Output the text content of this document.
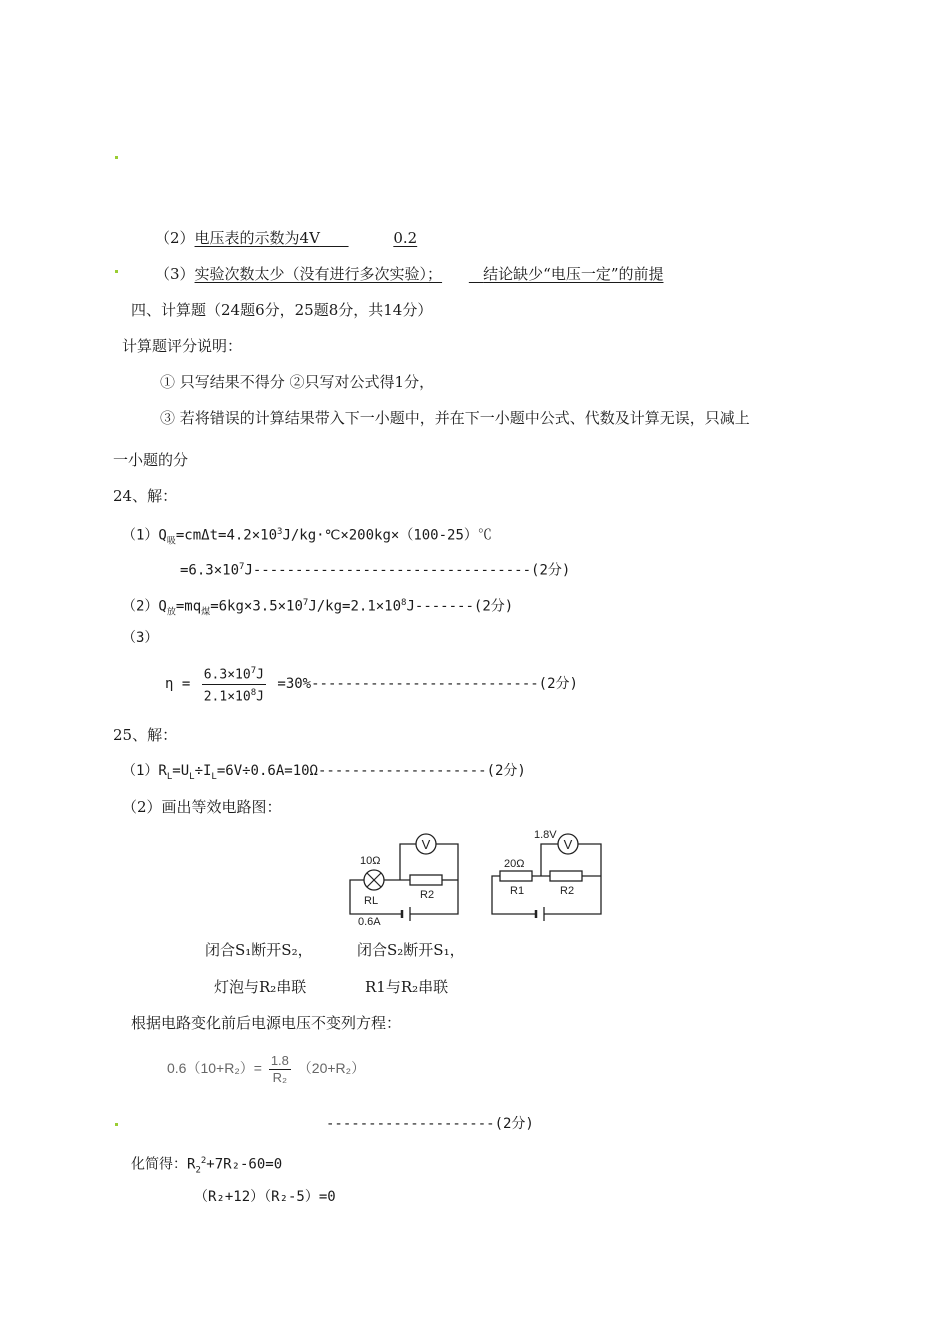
（2）电压表的示数为4V	0.2
（3）实验次数太少（没有进行多次实验）；	结论缺少“电压一定”的前提
四、计算题（24题6分，25题8分，共14分）
计算题评分说明：
① 只写结果不得分 ②只写对公式得1分，
③ 若将错误的计算结果带入下一小题中，并在下一小题中公式、代数及计算无误，只减上
一小题的分
24、解：
$(1)Q_吸=cm\Delta t=4.2\times 10^3J/kg\cdot℃\times 200kg\times(100-25)℃$
$=6.3\times 10^7J---------------------------------(2$分)
$(2)Q_放=mq_煤=6kg\times 3.5\times 10^7J/kg=2.1\times 10^8J-------(2$分)
（3）
$\eta = \frac{6.3\times 10^7J}{2.1\times 10^8J} =30\%---------------------------(2$分)
25、解：
$(1)R_L=U_L\div I_L=6V\div 0.6A=10\Omega--------------------(2$分)
（2）画出等效电路图：
V
10Ω
RL	R2
0.6A
V
1.8V
20Ω
R1	R2
闭合S₁断开S₂，	闭合S₂断开S₁，
灯泡与R₂串联	R1与R₂串联
根据电路变化前后电源电压不变列方程：
$0.6(10+R_2)= \frac{1.8}{\text{R₂}} (20+R_2)$
--------------------(2分)
化简得：$R_2^2+7R_2-60=0$
（R₂+12）（R₂-5）=0
